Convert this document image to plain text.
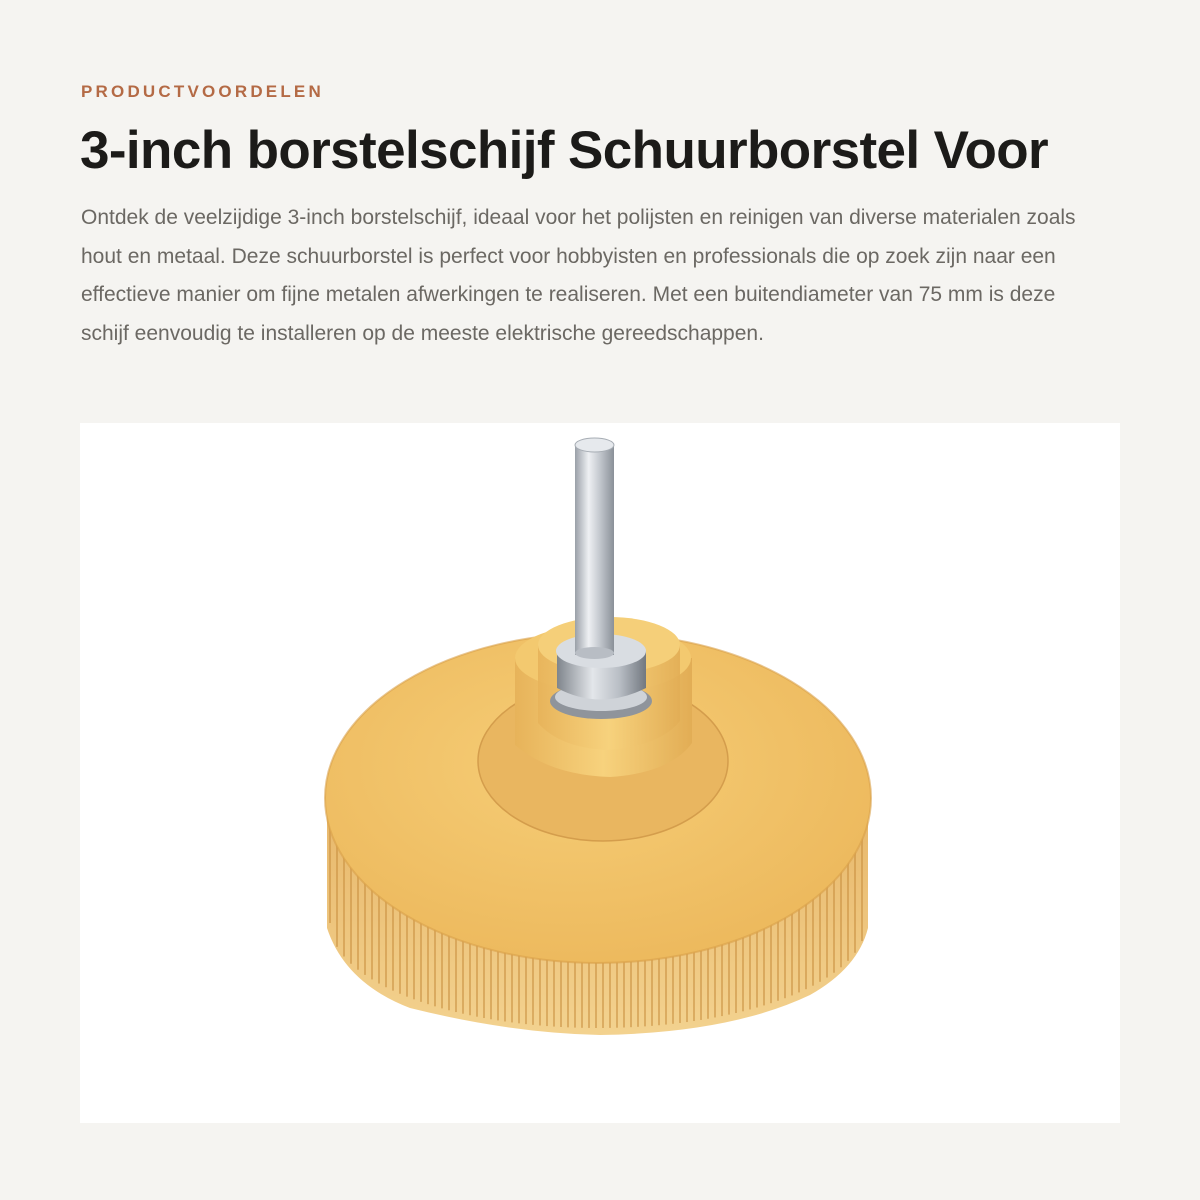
PRODUCTVOORDELEN
3-inch borstelschijf Schuurborstel Voor

Ontdek de veelzijdige 3-inch borstelschijf, ideaal voor het polijsten en reinigen van diverse materialen zoals hout en metaal. Deze schuurborstel is perfect voor hobbyisten en professionals die op zoek zijn naar een effectieve manier om fijne metalen afwerkingen te realiseren. Met een buitendiameter van 75 mm is deze schijf eenvoudig te installeren op de meeste elektrische gereedschappen.
